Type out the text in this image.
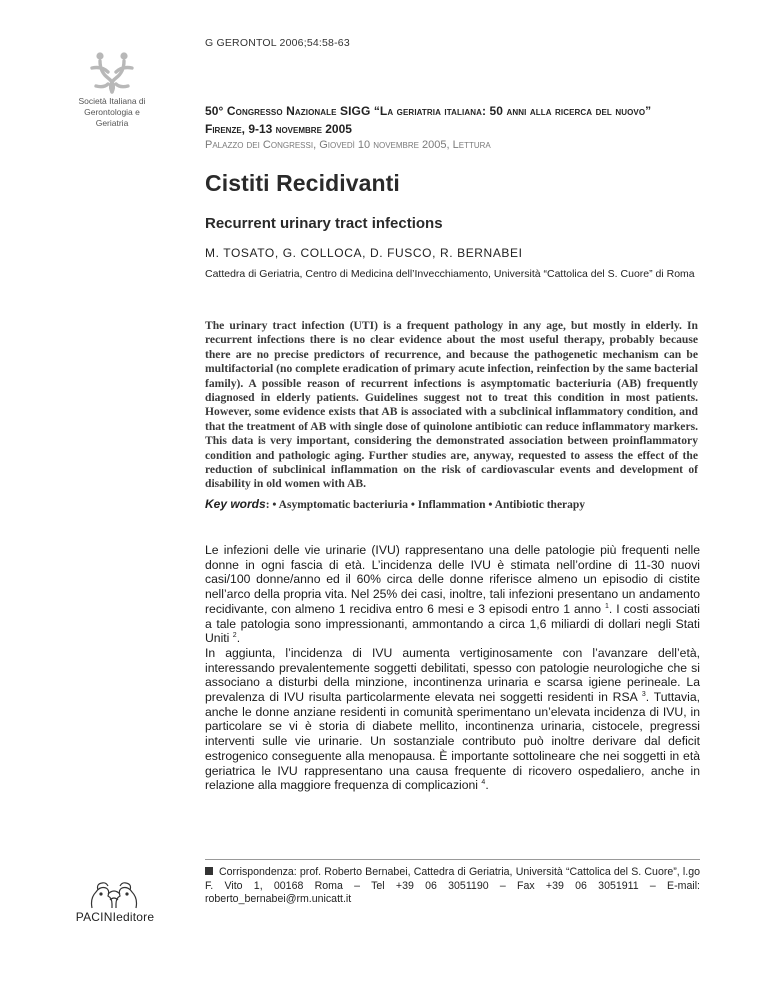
G GERONTOL 2006;54:58-63
Società Italiana di Gerontologia e Geriatria
50° Congresso Nazionale SIGG “La geriatria italiana: 50 anni alla ricerca del nuovo”
Firenze, 9-13 novembre 2005
Palazzo dei Congressi, Giovedì 10 novembre 2005, Lettura
Cistiti Recidivanti
Recurrent urinary tract infections
M. TOSATO, G. COLLOCA, D. FUSCO, R. BERNABEI
Cattedra di Geriatria, Centro di Medicina dell’Invecchiamento, Università “Cattolica del S. Cuore” di Roma
The urinary tract infection (UTI) is a frequent pathology in any age, but mostly in elderly. In recurrent infections there is no clear evidence about the most useful therapy, probably because there are no precise predictors of recurrence, and because the pathogenetic mechanism can be multifactorial (no complete eradication of primary acute infection, reinfection by the same bacterial family). A possible reason of recurrent infections is asymptomatic bacteriuria (AB) frequently diagnosed in elderly patients. Guidelines suggest not to treat this condition in most patients. However, some evidence exists that AB is associated with a subclinical inflammatory condition, and that the treatment of AB with single dose of quinolone antibiotic can reduce inflammatory markers. This data is very important, considering the demonstrated association between proinflammatory condition and pathologic aging. Further studies are, anyway, requested to assess the effect of the reduction of subclinical inflammation on the risk of cardiovascular events and development of disability in old women with AB.
Key words: • Asymptomatic bacteriuria • Inflammation • Antibiotic therapy

Le infezioni delle vie urinarie (IVU) rappresentano una delle patologie più frequenti nelle donne in ogni fascia di età. L’incidenza delle IVU è stimata nell’ordine di 11-30 nuovi casi/100 donne/anno ed il 60% circa delle donne riferisce almeno un episodio di cistite nell’arco della propria vita. Nel 25% dei casi, inoltre, tali infezioni presentano un andamento recidivante, con almeno 1 recidiva entro 6 mesi e 3 episodi entro 1 anno $^1$. I costi associati a tale patologia sono impressionanti, ammontando a circa 1,6 miliardi di dollari negli Stati Uniti $^2$.

In aggiunta, l’incidenza di IVU aumenta vertiginosamente con l’avanzare dell’età, interessando prevalentemente soggetti debilitati, spesso con patologie neurologiche che si associano a disturbi della minzione, incontinenza urinaria e scarsa igiene perineale. La prevalenza di IVU risulta particolarmente elevata nei soggetti residenti in RSA $^3$. Tuttavia, anche le donne anziane residenti in comunità sperimentano un’elevata incidenza di IVU, in particolare se vi è storia di diabete mellito, incontinenza urinaria, cistocele, pregressi interventi sulle vie urinarie. Un sostanziale contributo può inoltre derivare dal deficit estrogenico conseguente alla menopausa. È importante sottolineare che nei soggetti in età geriatrica le IVU rappresentano una causa frequente di ricovero ospedaliero, anche in relazione alla maggiore frequenza di complicazioni $^4$.

Corrispondenza: prof. Roberto Bernabei, Cattedra di Geriatria, Università “Cattolica del S. Cuore”, l.go F. Vito 1, 00168 Roma – Tel +39 06 3051190 – Fax +39 06 3051911 – E-mail: roberto_bernabei@rm.unicatt.it
PACINIeditore
